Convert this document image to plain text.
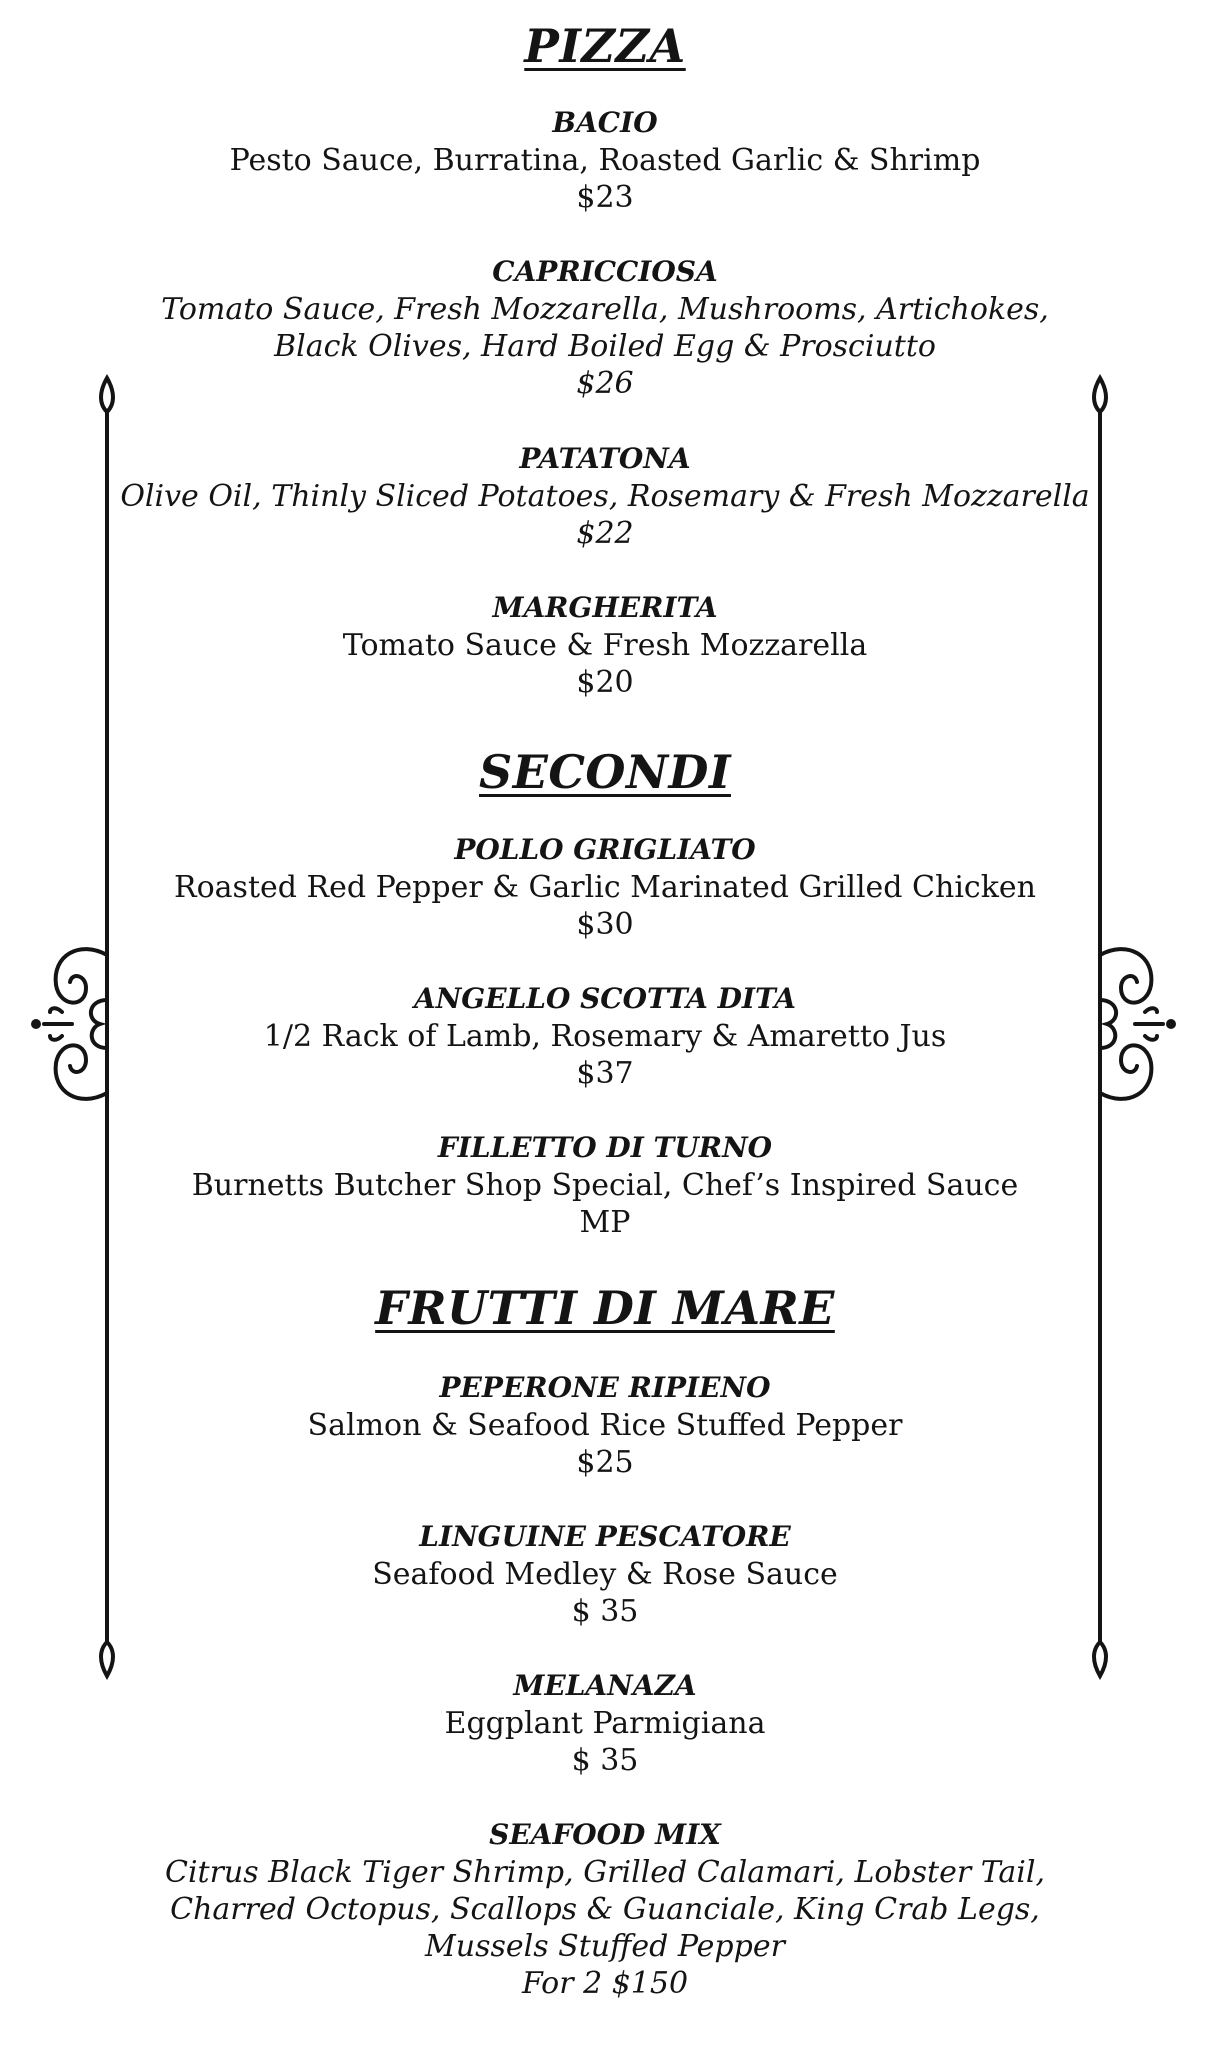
PIZZA
BACIO
Pesto Sauce, Burratina, Roasted Garlic & Shrimp
$23
CAPRICCIOSA
Tomato Sauce, Fresh Mozzarella, Mushrooms, Artichokes, Black Olives, Hard Boiled Egg & Prosciutto
$26
PATATONA
Olive Oil, Thinly Sliced Potatoes, Rosemary & Fresh Mozzarella
$22
MARGHERITA
Tomato Sauce & Fresh Mozzarella
$20
SECONDI
POLLO GRIGLIATO
Roasted Red Pepper & Garlic Marinated Grilled Chicken
$30
ANGELLO SCOTTA DITA
1/2 Rack of Lamb, Rosemary & Amaretto Jus
$37
FILLETTO DI TURNO
Burnetts Butcher Shop Special, Chef’s Inspired Sauce
MP
FRUTTI DI MARE
PEPERONE RIPIENO
Salmon & Seafood Rice Stuffed Pepper
$25
LINGUINE PESCATORE
Seafood Medley & Rose Sauce
$ 35
MELANAZA
Eggplant Parmigiana
$ 35
SEAFOOD MIX
Citrus Black Tiger Shrimp, Grilled Calamari, Lobster Tail, Charred Octopus, Scallops & Guanciale, King Crab Legs, Mussels Stuffed Pepper
For 2 $150
